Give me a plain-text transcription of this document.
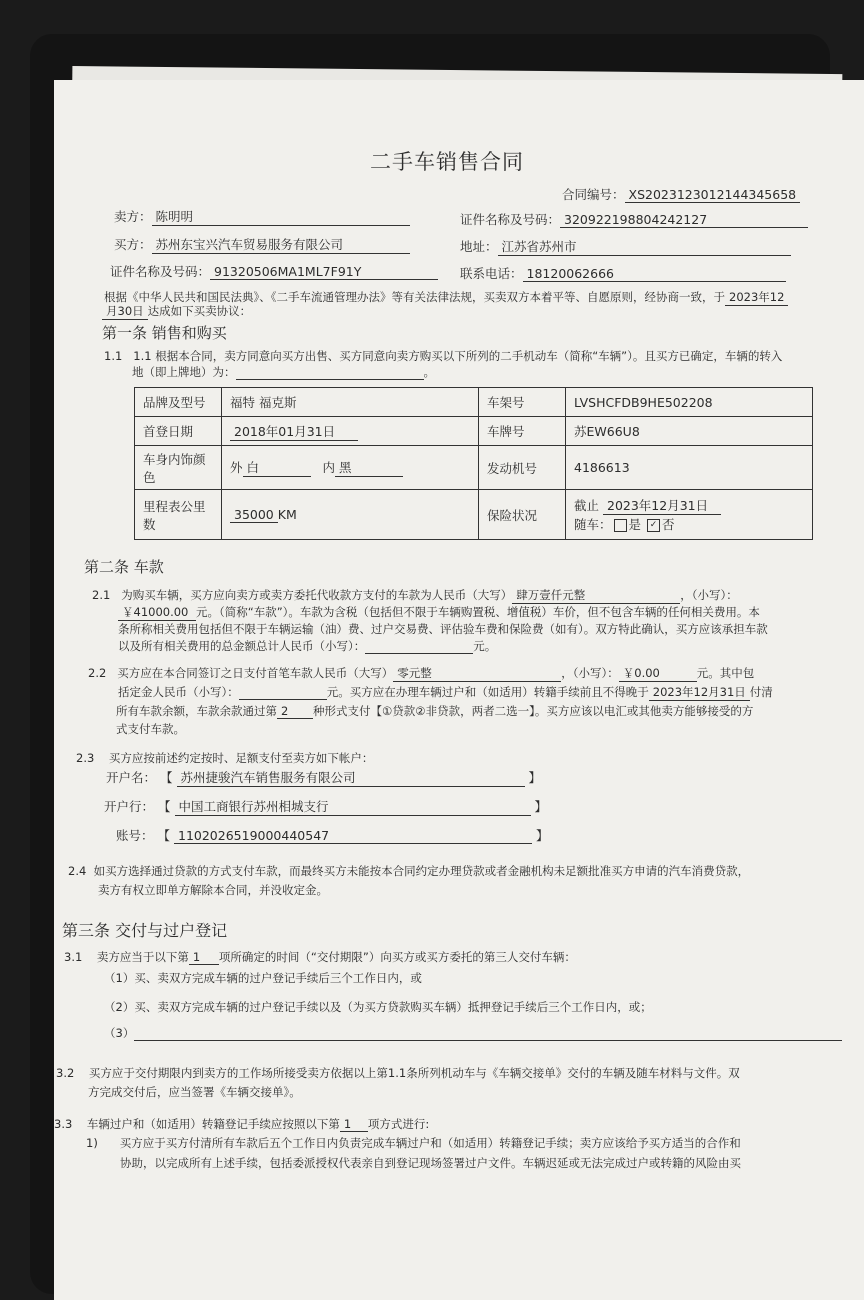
二手车销售合同
合同编号： XS2023123012144345658
卖方： 陈明明	证件名称及号码： 320922198804242127
买方： 苏州东宝兴汽车贸易服务有限公司	地址： 江苏省苏州市
证件名称及号码： 91320506MA1ML7F91Y	联系电话： 18120062666
根据《中华人民共和国民法典》、《二手车流通管理办法》等有关法律法规，买卖双方本着平等、自愿原则，经协商一致，于 2023年12
月30日 达成如下买卖协议：
第一条 销售和购买
1.1 1.1 根据本合同，卖方同意向买方出售、买方同意向卖方购买以下所列的二手机动车（简称“车辆”）。且买方已确定，车辆的转入
地（即上牌地）为：	。
品牌及型号	福特 福克斯	车架号	LVSHCFDB9HE502208
首登日期	2018年01月31日	车牌号	苏EW66U8
车身内饰颜色	外 白 内 黑	发动机号	4186613
里程表公里数	35000 KM	保险状况	截止 2023年12月31日
随车： 是 ✓ 否
第二条 车款
2.1 为购买车辆，买方应向卖方或卖方委托代收款方支付的车款为人民币（大写） 肆万壹仟元整	，（小写）：
￥41000.00 元。（简称“车款”）。车款为含税（包括但不限于车辆购置税、增值税）车价，但不包含车辆的任何相关费用。本
条所称相关费用包括但不限于车辆运输（油）费、过户交易费、评估验车费和保险费（如有）。双方特此确认，买方应该承担车款
以及所有相关费用的总金额总计人民币（小写）：	元。
2.2 买方应在本合同签订之日支付首笔车款人民币（大写） 零元整	，（小写）： ￥0.00	元。其中包
括定金人民币（小写）：	元。买方应在办理车辆过户和（如适用）转籍手续前且不得晚于 2023年12月31日 付清
所有车款余额，车款余款通过第 2 种形式支付【①贷款②非贷款，两者二选一】。买方应该以电汇或其他卖方能够接受的方
式支付车款。
2.3 买方应按前述约定按时、足额支付至卖方如下帐户：
开户名： 【 苏州捷骏汽车销售服务有限公司	】
开户行： 【 中国工商银行苏州相城支行	】
账号： 【 1102026519000440547	】
2.4 如买方选择通过贷款的方式支付车款，而最终买方未能按本合同约定办理贷款或者金融机构未足额批准买方申请的汽车消费贷款，
卖方有权立即单方解除本合同，并没收定金。
第三条 交付与过户登记
3.1 卖方应当于以下第 1 项所确定的时间（“交付期限”）向买方或买方委托的第三人交付车辆：
（1）买、卖双方完成车辆的过户登记手续后三个工作日内，或
（2）买、卖双方完成车辆的过户登记手续以及（为买方贷款购买车辆）抵押登记手续后三个工作日内，或；
（3）
3.2 买方应于交付期限内到卖方的工作场所接受卖方依据以上第1.1条所列机动车与《车辆交接单》交付的车辆及随车材料与文件。双
方完成交付后，应当签署《车辆交接单》。
3.3 车辆过户和（如适用）转籍登记手续应按照以下第 1 项方式进行:
1) 买方应于买方付清所有车款后五个工作日内负责完成车辆过户和（如适用）转籍登记手续；卖方应该给予买方适当的合作和
协助，以完成所有上述手续，包括委派授权代表亲自到登记现场签署过户文件。车辆迟延或无法完成过户或转籍的风险由买
